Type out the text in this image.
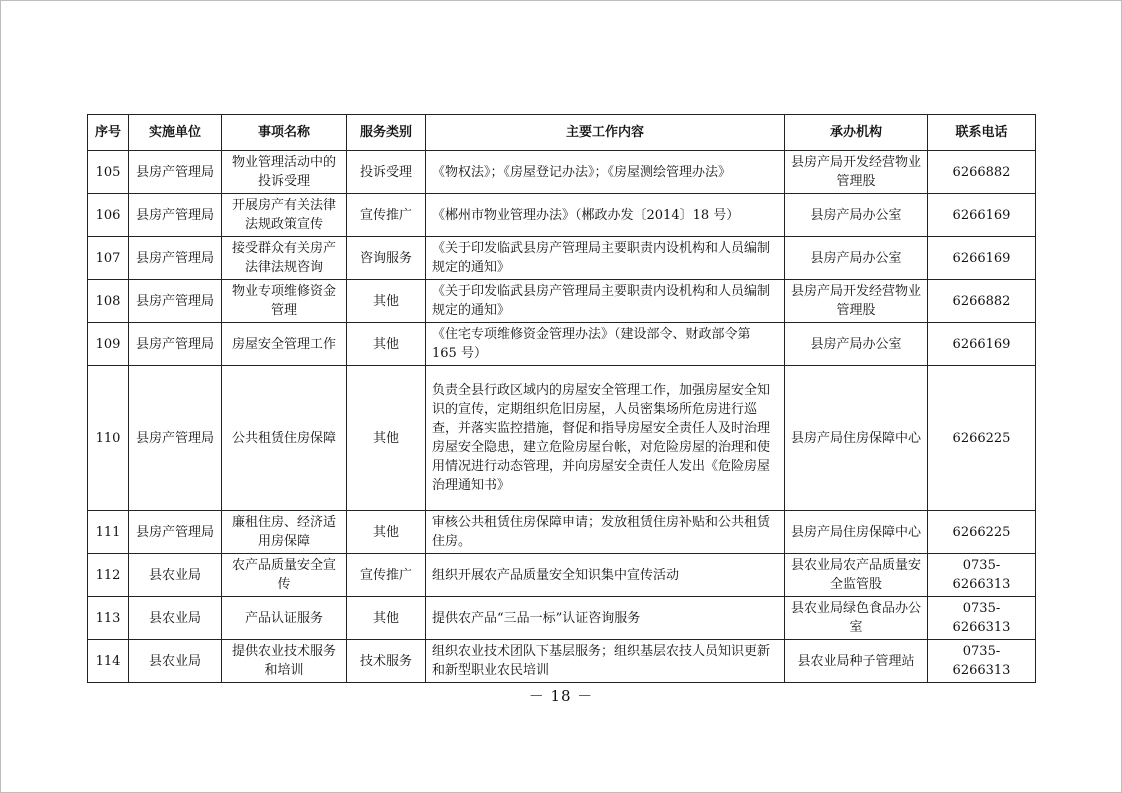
序号	实施单位	事项名称	服务类别	主要工作内容	承办机构	联系电话
105	县房产管理局	物业管理活动中的投诉受理	投诉受理	《物权法》；《房屋登记办法》；《房屋测绘管理办法》	县房产局开发经营物业管理股	6266882
106	县房产管理局	开展房产有关法律法规政策宣传	宣传推广	《郴州市物业管理办法》（郴政办发〔2014〕18 号）	县房产局办公室	6266169
107	县房产管理局	接受群众有关房产法律法规咨询	咨询服务	《关于印发临武县房产管理局主要职责内设机构和人员编制规定的通知》	县房产局办公室	6266169
108	县房产管理局	物业专项维修资金管理	其他	《关于印发临武县房产管理局主要职责内设机构和人员编制规定的通知》	县房产局开发经营物业管理股	6266882
109	县房产管理局	房屋安全管理工作	其他	《住宅专项维修资金管理办法》（建设部令、财政部令第 165 号）	县房产局办公室	6266169
110	县房产管理局	公共租赁住房保障	其他	负责全县行政区域内的房屋安全管理工作，加强房屋安全知识的宣传，定期组织危旧房屋，人员密集场所危房进行巡查，并落实监控措施，督促和指导房屋安全责任人及时治理房屋安全隐患，建立危险房屋台帐，对危险房屋的治理和使用情况进行动态管理，并向房屋安全责任人发出《危险房屋治理通知书》	县房产局住房保障中心	6266225
111	县房产管理局	廉租住房、经济适用房保障	其他	审核公共租赁住房保障申请；发放租赁住房补贴和公共租赁住房。	县房产局住房保障中心	6266225
112	县农业局	农产品质量安全宣传	宣传推广	组织开展农产品质量安全知识集中宣传活动	县农业局农产品质量安全监管股	0735-6266313
113	县农业局	产品认证服务	其他	提供农产品“三品一标”认证咨询服务	县农业局绿色食品办公室	0735-6266313
114	县农业局	提供农业技术服务和培训	技术服务	组织农业技术团队下基层服务；组织基层农技人员知识更新和新型职业农民培训	县农业局种子管理站	0735-6266313
－ 18 －
